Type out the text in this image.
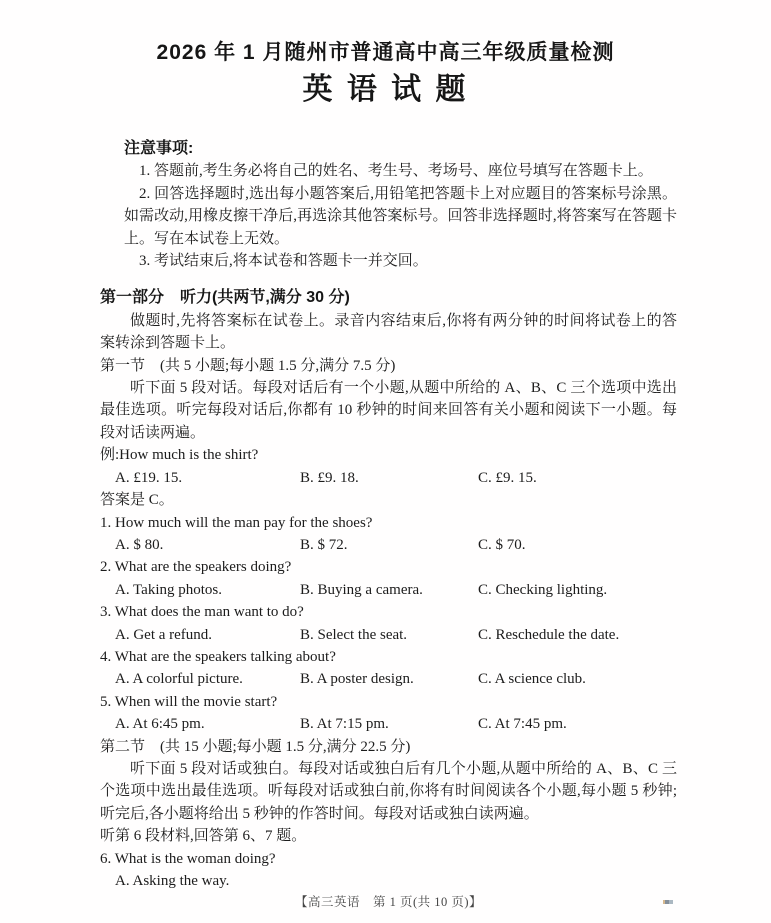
2026 年 1 月随州市普通高中高三年级质量检测
英 语 试 题
注意事项:

1. 答题前,考生务必将自己的姓名、考生号、考场号、座位号填写在答题卡上。

2. 回答选择题时,选出每小题答案后,用铅笔把答题卡上对应题目的答案标号涂黑。如需改动,用橡皮擦干净后,再选涂其他答案标号。回答非选择题时,将答案写在答题卡上。写在本试卷上无效。

3. 考试结束后,将本试卷和答题卡一并交回。

第一部分　听力(共两节,满分 30 分)

做题时,先将答案标在试卷上。录音内容结束后,你将有两分钟的时间将试卷上的答案转涂到答题卡上。

第一节　(共 5 小题;每小题 1.5 分,满分 7.5 分)

听下面 5 段对话。每段对话后有一个小题,从题中所给的 A、B、C 三个选项中选出最佳选项。听完每段对话后,你都有 10 秒钟的时间来回答有关小题和阅读下一小题。每段对话读两遍。

例:How much is the shirt?

A. £19. 15.	B. £9. 18.	C. £9. 15.

答案是 C。

1. How much will the man pay for the shoes?

A. $ 80.	B. $ 72.	C. $ 70.

2. What are the speakers doing?

A. Taking photos.	B. Buying a camera.	C. Checking lighting.

3. What does the man want to do?

A. Get a refund.	B. Select the seat.	C. Reschedule the date.

4. What are the speakers talking about?

A. A colorful picture.	B. A poster design.	C. A science club.

5. When will the movie start?

A. At 6:45 pm.	B. At 7:15 pm.	C. At 7:45 pm.
第二节　(共 15 小题;每小题 1.5 分,满分 22.5 分)

听下面 5 段对话或独白。每段对话或独白后有几个小题,从题中所给的 A、B、C 三个选项中选出最佳选项。听每段对话或独白前,你将有时间阅读各个小题,每小题 5 秒钟;听完后,各小题将给出 5 秒钟的作答时间。每段对话或独白读两遍。

听第 6 段材料,回答第 6、7 题。

6. What is the woman doing?

A. Asking the way.
【高三英语　第 1 页(共 10 页)】
